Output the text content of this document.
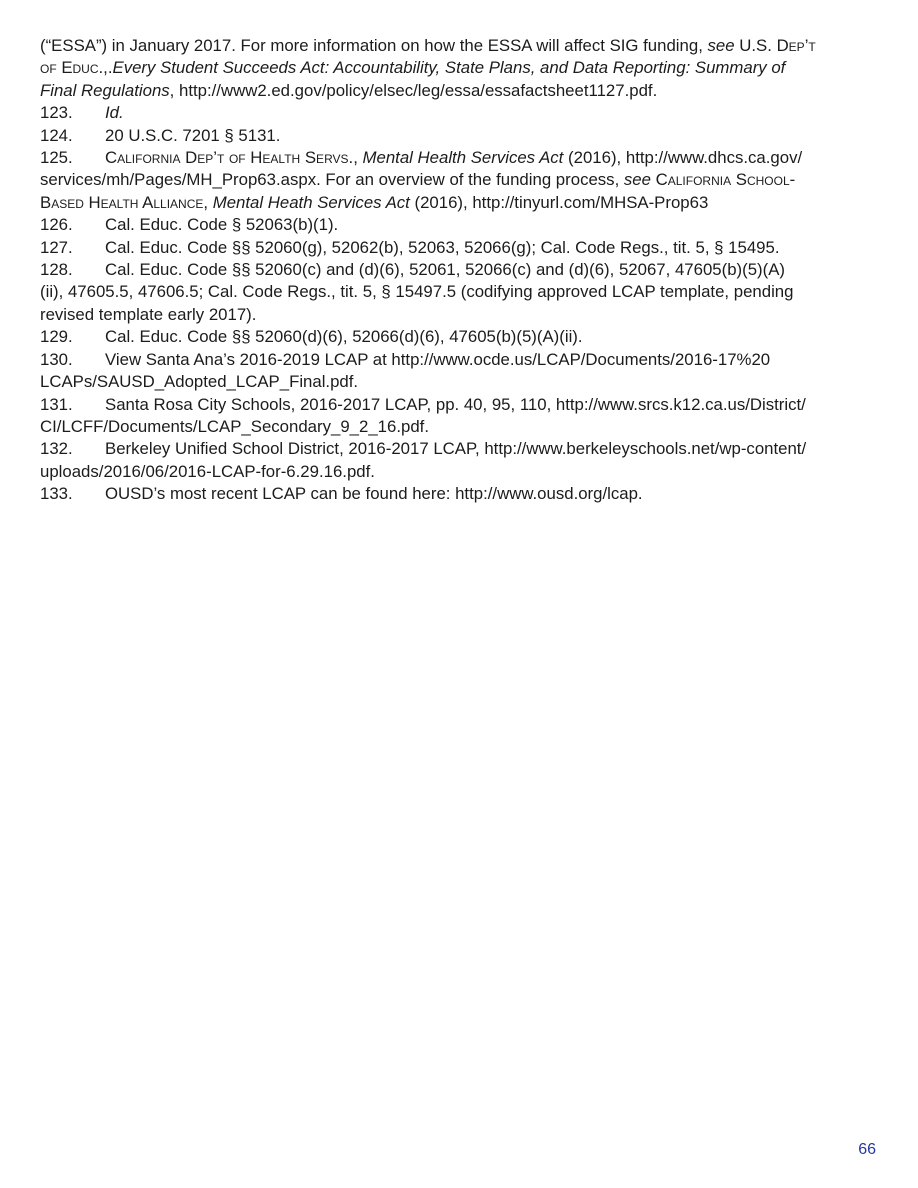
(“ESSA”) in January 2017. For more information on how the ESSA will affect SIG funding, see U.S. Dep’t
of Educ.,.Every Student Succeeds Act: Accountability, State Plans, and Data Reporting: Summary of
Final Regulations, http://www2.ed.gov/policy/elsec/leg/essa/essafactsheet1127.pdf.
123. Id.
124. 20 U.S.C. 7201 § 5131.
125. California Dep’t of Health Servs., Mental Health Services Act (2016), http://www.dhcs.ca.gov/
services/mh/Pages/MH_Prop63.aspx. For an overview of the funding process, see California School-
Based Health Alliance, Mental Heath Services Act (2016), http://tinyurl.com/MHSA-Prop63
126. Cal. Educ. Code § 52063(b)(1).
127. Cal. Educ. Code §§ 52060(g), 52062(b), 52063, 52066(g); Cal. Code Regs., tit. 5, § 15495.
128. Cal. Educ. Code §§ 52060(c) and (d)(6), 52061, 52066(c) and (d)(6), 52067, 47605(b)(5)(A)
(ii), 47605.5, 47606.5; Cal. Code Regs., tit. 5, § 15497.5 (codifying approved LCAP template, pending
revised template early 2017).
129. Cal. Educ. Code §§ 52060(d)(6), 52066(d)(6), 47605(b)(5)(A)(ii).
130. View Santa Ana’s 2016-2019 LCAP at http://www.ocde.us/LCAP/Documents/2016-17%20
LCAPs/SAUSD_Adopted_LCAP_Final.pdf.
131. Santa Rosa City Schools, 2016-2017 LCAP, pp. 40, 95, 110, http://www.srcs.k12.ca.us/District/
CI/LCFF/Documents/LCAP_Secondary_9_2_16.pdf.
132. Berkeley Unified School District, 2016-2017 LCAP, http://www.berkeleyschools.net/wp-content/
uploads/2016/06/2016-LCAP-for-6.29.16.pdf.
133. OUSD’s most recent LCAP can be found here: http://www.ousd.org/lcap.
66
